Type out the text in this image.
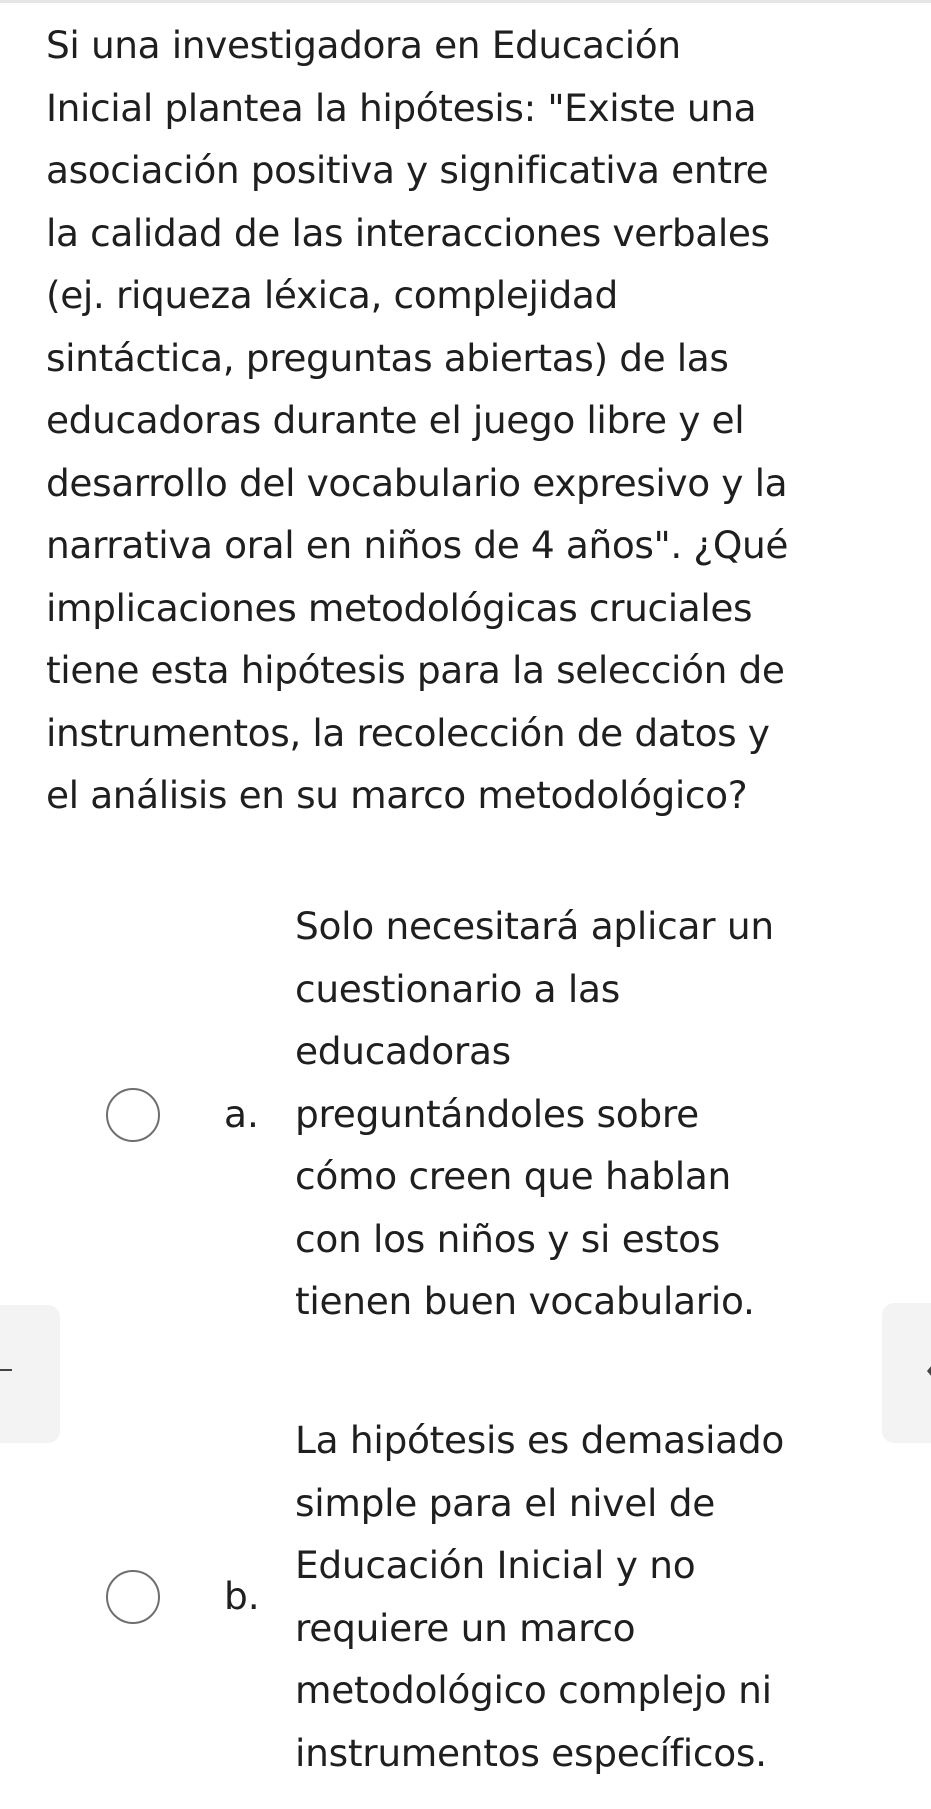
Si una investigadora en Educación
Inicial plantea la hipótesis: "Existe una
asociación positiva y significativa entre
la calidad de las interacciones verbales
(ej. riqueza léxica, complejidad
sintáctica, preguntas abiertas) de las
educadoras durante el juego libre y el
desarrollo del vocabulario expresivo y la
narrativa oral en niños de 4 años". ¿Qué
implicaciones metodológicas cruciales
tiene esta hipótesis para la selección de
instrumentos, la recolección de datos y
el análisis en su marco metodológico?
a.
Solo necesitará aplicar un
cuestionario a las
educadoras
preguntándoles sobre
cómo creen que hablan
con los niños y si estos
tienen buen vocabulario.
b.
La hipótesis es demasiado
simple para el nivel de
Educación Inicial y no
requiere un marco
metodológico complejo ni
instrumentos específicos.
